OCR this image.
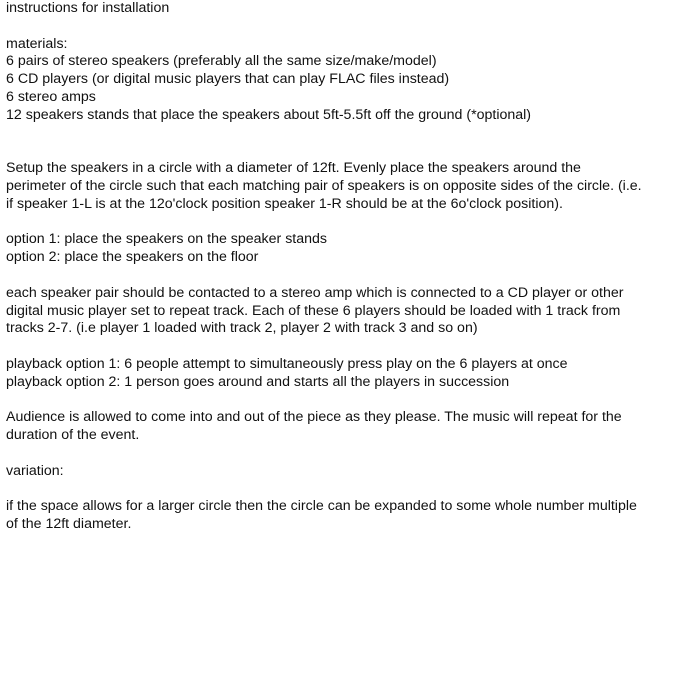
instructions for installation
materials:
6 pairs of stereo speakers (preferably all the same size/make/model)
6 CD players (or digital music players that can play FLAC files instead)
6 stereo amps
12 speakers stands that place the speakers about 5ft-5.5ft off the ground (*optional)
Setup the speakers in a circle with a diameter of 12ft. Evenly place the speakers around the
perimeter of the circle such that each matching pair of speakers is on opposite sides of the circle. (i.e.
if speaker 1-L is at the 12o'clock position speaker 1-R should be at the 6o'clock position).
option 1: place the speakers on the speaker stands
option 2: place the speakers on the floor
each speaker pair should be contacted to a stereo amp which is connected to a CD player or other
digital music player set to repeat track. Each of these 6 players should be loaded with 1 track from
tracks 2-7. (i.e player 1 loaded with track 2, player 2 with track 3 and so on)
playback option 1: 6 people attempt to simultaneously press play on the 6 players at once
playback option 2: 1 person goes around and starts all the players in succession
Audience is allowed to come into and out of the piece as they please. The music will repeat for the
duration of the event.
variation:
if the space allows for a larger circle then the circle can be expanded to some whole number multiple
of the 12ft diameter.
